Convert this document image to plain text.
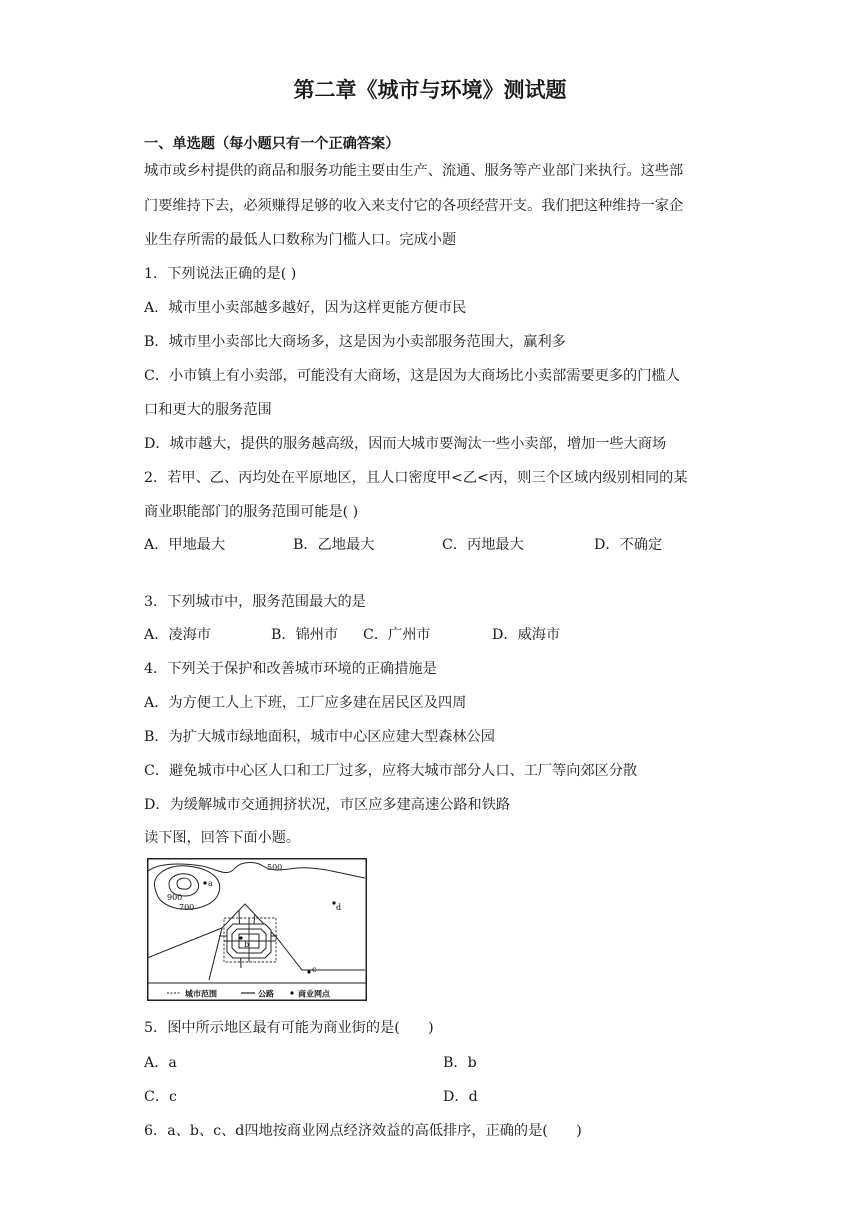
第二章《城市与环境》测试题
一、单选题（每小题只有一个正确答案）
城市或乡村提供的商品和服务功能主要由生产、流通、服务等产业部门来执行。这些部
门要维持下去，必须赚得足够的收入来支付它的各项经营开支。我们把这种维持一家企
业生存所需的最低人口数称为门槛人口。完成小题
1．下列说法正确的是( )
A．城市里小卖部越多越好，因为这样更能方便市民
B．城市里小卖部比大商场多，这是因为小卖部服务范围大，赢利多
C．小市镇上有小卖部，可能没有大商场，这是因为大商场比小卖部需要更多的门槛人
口和更大的服务范围
D．城市越大，提供的服务越高级，因而大城市要淘汰一些小卖部，增加一些大商场
2．若甲、乙、丙均处在平原地区，且人口密度甲<乙<丙，则三个区域内级别相同的某
商业职能部门的服务范围可能是( )
A．甲地最大	B．乙地最大	C．丙地最大	D．不确定
3．下列城市中，服务范围最大的是
A．凌海市	B．锦州市 C．广州市	D．威海市
4．下列关于保护和改善城市环境的正确措施是
A．为方便工人上下班，工厂应多建在居民区及四周
B．为扩大城市绿地面积，城市中心区应建大型森林公园
C．避免城市中心区人口和工厂过多，应将大城市部分人口、工厂等向郊区分散
D．为缓解城市交通拥挤状况，市区应多建高速公路和铁路
读下图，回答下面小题。
500
900
700
a
d
b
c
城市范围	公路	商业网点
5．图中所示地区最有可能为商业街的是(　　)
A．a	B．b
C．c	D．d
6．a、b、c、d四地按商业网点经济效益的高低排序，正确的是(　　)
